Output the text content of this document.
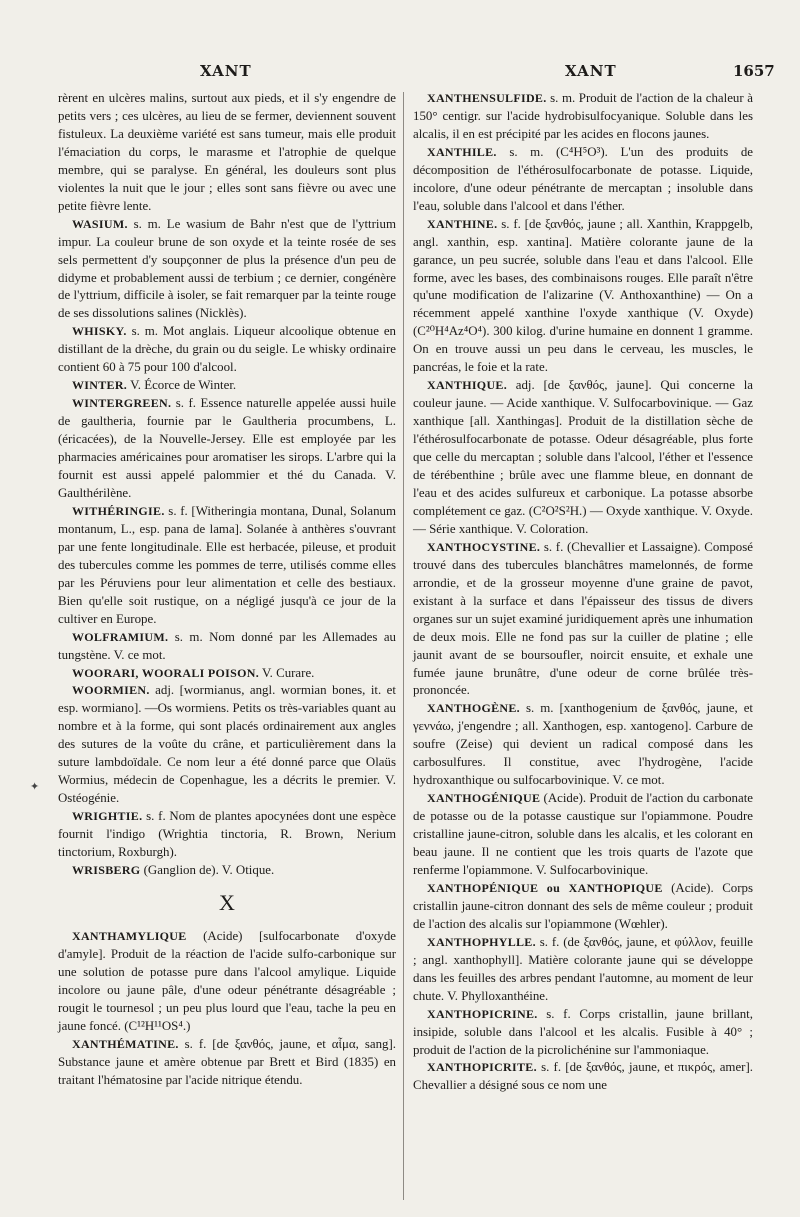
XANT	XANT	1657

rèrent en ulcères malins, surtout aux pieds, et il s'y engendre de petits vers ; ces ulcères, au lieu de se fermer, deviennent souvent fistuleux. La deuxième variété est sans tumeur, mais elle produit l'émaciation du corps, le marasme et l'atrophie de quelque membre, qui se paralyse. En général, les douleurs sont plus violentes la nuit que le jour ; elles sont sans fièvre ou avec une petite fièvre lente.

WASIUM. s. m. Le wasium de Bahr n'est que de l'yttrium impur. La couleur brune de son oxyde et la teinte rosée de ses sels permettent d'y soupçonner de plus la présence d'un peu de didyme et probablement aussi de terbium ; ce dernier, congénère de l'yttrium, difficile à isoler, se fait remarquer par la teinte rouge de ses dissolutions salines (Nicklès).

WHISKY. s. m. Mot anglais. Liqueur alcoolique obtenue en distillant de la drèche, du grain ou du seigle. Le whisky ordinaire contient 60 à 75 pour 100 d'alcool.

WINTER. V. Écorce de Winter.

WINTERGREEN. s. f. Essence naturelle appelée aussi huile de gaultheria, fournie par le Gaultheria procumbens, L. (éricacées), de la Nouvelle-Jersey. Elle est employée par les pharmacies américaines pour aromatiser les sirops. L'arbre qui la fournit est aussi appelé palommier et thé du Canada. V. Gaulthérilène.

WITHÉRINGIE. s. f. [Witheringia montana, Dunal, Solanum montanum, L., esp. pana de lama]. Solanée à anthères s'ouvrant par une fente longitudinale. Elle est herbacée, pileuse, et produit des tubercules comme les pommes de terre, utilisés comme elles par les Péruviens pour leur alimentation et celle des bestiaux. Bien qu'elle soit rustique, on a négligé jusqu'à ce jour de la cultiver en Europe.

WOLFRAMIUM. s. m. Nom donné par les Allemades au tungstène. V. ce mot.

WOORARI, WOORALI POISON. V. Curare.

WOORMIEN. adj. [wormianus, angl. wormian bones, it. et esp. wormiano]. —Os wormiens. Petits os très-variables quant au nombre et à la forme, qui sont placés ordinairement aux angles des sutures de la voûte du crâne, et particulièrement dans la suture lambdoïdale. Ce nom leur a été donné parce que Olaüs Wormius, médecin de Copenhague, les a décrits le premier. V. Ostéogénie.

WRIGHTIE. s. f. Nom de plantes apocynées dont une espèce fournit l'indigo (Wrightia tinctoria, R. Brown, Nerium tinctorium, Roxburgh).

WRISBERG (Ganglion de). V. Otique.

X

XANTHAMYLIQUE (Acide) [sulfocarbonate d'oxyde d'amyle]. Produit de la réaction de l'acide sulfo-carbonique sur une solution de potasse pure dans l'alcool amylique. Liquide incolore ou jaune pâle, d'une odeur pénétrante désagréable ; rougit le tournesol ; un peu plus lourd que l'eau, tache la peu en jaune foncé. (C¹²H¹¹OS⁴.)

XANTHÉMATINE. s. f. [de ξανθός, jaune, et αἷμα, sang]. Substance jaune et amère obtenue par Brett et Bird (1835) en traitant l'hématosine par l'acide nitrique étendu.

XANTHENSULFIDE. s. m. Produit de l'action de la chaleur à 150° centigr. sur l'acide hydrobisulfocyanique. Soluble dans les alcalis, il en est précipité par les acides en flocons jaunes.

XANTHILE. s. m. (C⁴H⁵O³). L'un des produits de décomposition de l'éthérosulfocarbonate de potasse. Liquide, incolore, d'une odeur pénétrante de mercaptan ; insoluble dans l'eau, soluble dans l'alcool et dans l'éther.

XANTHINE. s. f. [de ξανθός, jaune ; all. Xanthin, Krappgelb, angl. xanthin, esp. xantina]. Matière colorante jaune de la garance, un peu sucrée, soluble dans l'eau et dans l'alcool. Elle forme, avec les bases, des combinaisons rouges. Elle paraît n'être qu'une modification de l'alizarine (V. Anthoxanthine) — On a récemment appelé xanthine l'oxyde xanthique (V. Oxyde) (C²⁰H⁴Az⁴O⁴). 300 kilog. d'urine humaine en donnent 1 gramme. On en trouve aussi un peu dans le cerveau, les muscles, le pancréas, le foie et la rate.

XANTHIQUE. adj. [de ξανθός, jaune]. Qui concerne la couleur jaune. — Acide xanthique. V. Sulfocarbovinique. — Gaz xanthique [all. Xanthingas]. Produit de la distillation sèche de l'éthérosulfocarbonate de potasse. Odeur désagréable, plus forte que celle du mercaptan ; soluble dans l'alcool, l'éther et l'essence de térébenthine ; brûle avec une flamme bleue, en donnant de l'eau et des acides sulfureux et carbonique. La potasse absorbe complétement ce gaz. (C²O²S²H.) — Oxyde xanthique. V. Oxyde. — Série xanthique. V. Coloration.

XANTHOCYSTINE. s. f. (Chevallier et Lassaigne). Composé trouvé dans des tubercules blanchâtres mamelonnés, de forme arrondie, et de la grosseur moyenne d'une graine de pavot, existant à la surface et dans l'épaisseur des tissus de divers organes sur un sujet examiné juridiquement après une inhumation de deux mois. Elle ne fond pas sur la cuiller de platine ; elle jaunit avant de se boursoufler, noircit ensuite, et exhale une fumée jaune brunâtre, d'une odeur de corne brûlée très-prononcée.

XANTHOGÈNE. s. m. [xanthogenium de ξανθός, jaune, et γεννάω, j'engendre ; all. Xanthogen, esp. xantogeno]. Carbure de soufre (Zeise) qui devient un radical composé dans les carbosulfures. Il constitue, avec l'hydrogène, l'acide hydroxanthique ou sulfocarbovinique. V. ce mot.

XANTHOGÉNIQUE (Acide). Produit de l'action du carbonate de potasse ou de la potasse caustique sur l'opiammone. Poudre cristalline jaune-citron, soluble dans les alcalis, et les colorant en beau jaune. Il ne contient que les trois quarts de l'azote que renferme l'opiammone. V. Sulfocarbovinique.

XANTHOPÉNIQUE ou XANTHOPIQUE (Acide). Corps cristallin jaune-citron donnant des sels de même couleur ; produit de l'action des alcalis sur l'opiammone (Wœhler).

XANTHOPHYLLE. s. f. (de ξανθός, jaune, et φύλλον, feuille ; angl. xanthophyll]. Matière colorante jaune qui se développe dans les feuilles des arbres pendant l'automne, au moment de leur chute. V. Phylloxanthéine.

XANTHOPICRINE. s. f. Corps cristallin, jaune brillant, insipide, soluble dans l'alcool et les alcalis. Fusible à 40° ; produit de l'action de la picrolichénine sur l'ammoniaque.

XANTHOPICRITE. s. f. [de ξανθός, jaune, et πικρός, amer]. Chevallier a désigné sous ce nom une

✦
